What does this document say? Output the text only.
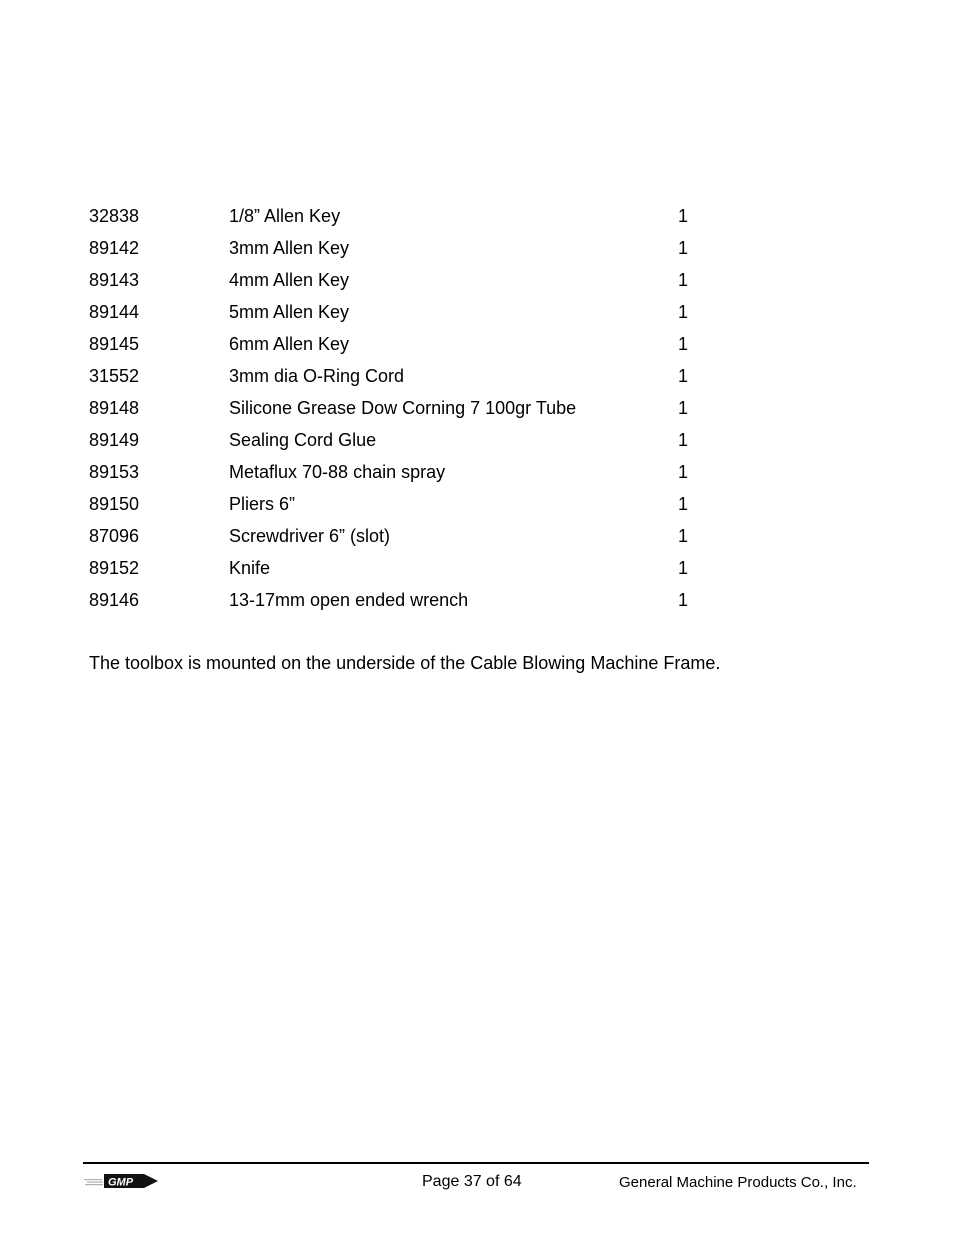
32838	1/8” Allen Key	1
89142	3mm Allen Key	1
89143	4mm Allen Key	1
89144	5mm Allen Key	1
89145	6mm Allen Key	1
31552	3mm dia O-Ring Cord	1
89148	Silicone Grease Dow Corning 7 100gr Tube	1
89149	Sealing Cord Glue	1
89153	Metaflux 70-88 chain spray	1
89150	Pliers 6”	1
87096	Screwdriver 6” (slot)	1
89152	Knife	1
89146	13-17mm open ended wrench	1
The toolbox is mounted on the underside of the Cable Blowing Machine Frame.
GMP	Page 37 of 64	General Machine Products Co., Inc.
